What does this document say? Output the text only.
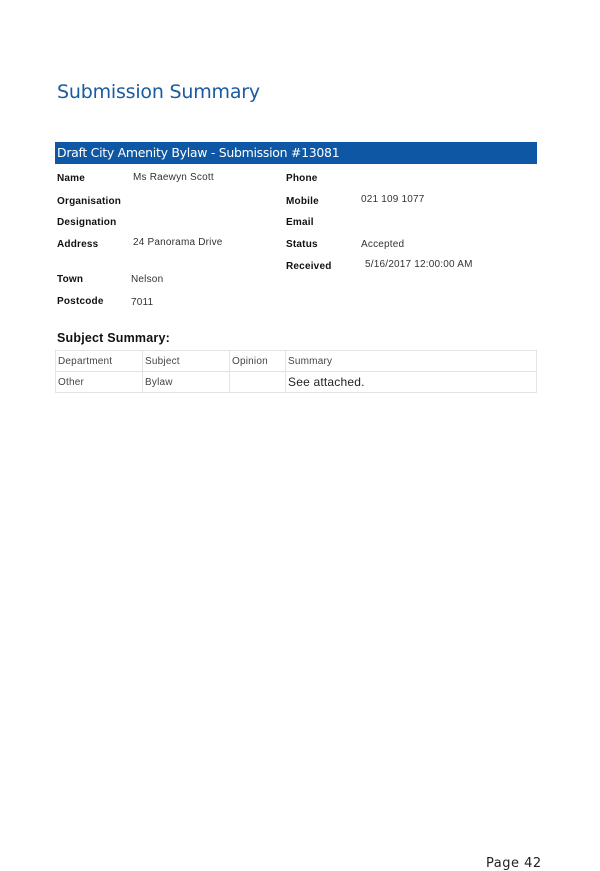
Submission Summary
Draft City Amenity Bylaw - Submission #13081
Name	Ms Raewyn Scott
Organisation
Designation
Address	24 Panorama Drive
Town	Nelson
Postcode	7011
Phone
Mobile	021 109 1077
Email
Status	Accepted
Received	5/16/2017 12:00:00 AM
Subject Summary:
Department	Subject	Opinion	Summary
Other	Bylaw		See attached.
Page 42
